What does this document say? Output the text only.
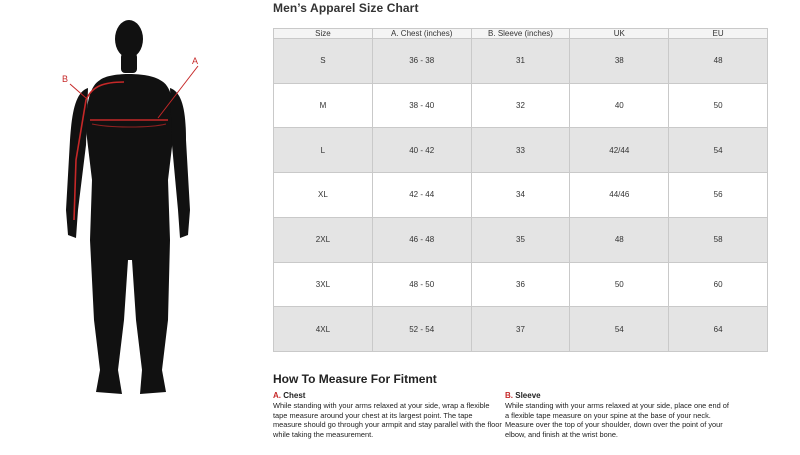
A
B
Men’s Apparel Size Chart
Size	A. Chest (inches)	B. Sleeve (inches)	UK	EU
S	36 - 38	31	38	48
M	38 - 40	32	40	50
L	40 - 42	33	42/44	54
XL	42 - 44	34	44/46	56
2XL	46 - 48	35	48	58
3XL	48 - 50	36	50	60
4XL	52 - 54	37	54	64
How To Measure For Fitment
A. Chest

While standing with your arms relaxed at your side, wrap a flexible tape measure around your chest at its largest point. The tape measure should go through your armpit and stay parallel with the floor while taking the measurement.

B. Sleeve

While standing with your arms relaxed at your side, place one end of a flexible tape measure on your spine at the base of your neck. Measure over the top of your shoulder, down over the point of your elbow, and finish at the wrist bone.
